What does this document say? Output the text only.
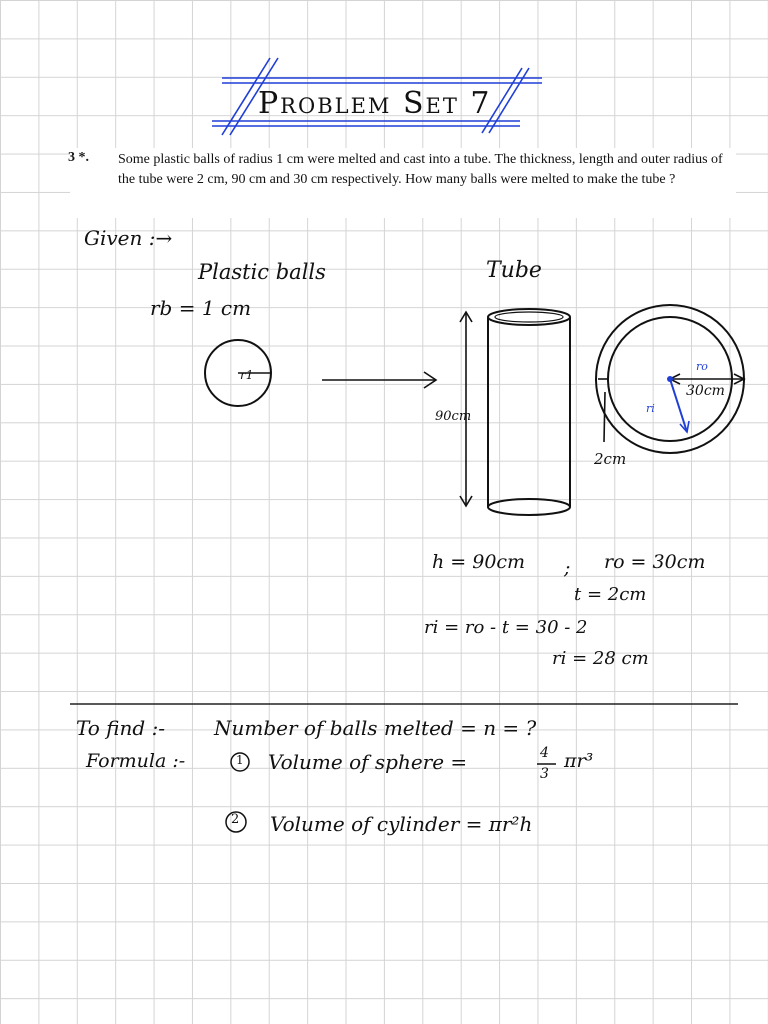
Problem Set 7
3 *. Some plastic balls of radius 1 cm were melted and cast into a tube. The thickness, length and outer radius of the tube were 2 cm, 90 cm and 30 cm respectively. How many balls were melted to make the tube ?
Given :→
Plastic balls	Tube
rb = 1 cm
r1
90cm
ro
30cm
ri
2cm
h = 90cm ; ro = 30cm
t = 2cm
ri = ro - t = 30 - 2
ri = 28 cm
To find :- Number of balls melted = n = ?
Formula :-	1 Volume of sphere =	4
3
πr³
2 Volume of cylinder = πr²h
